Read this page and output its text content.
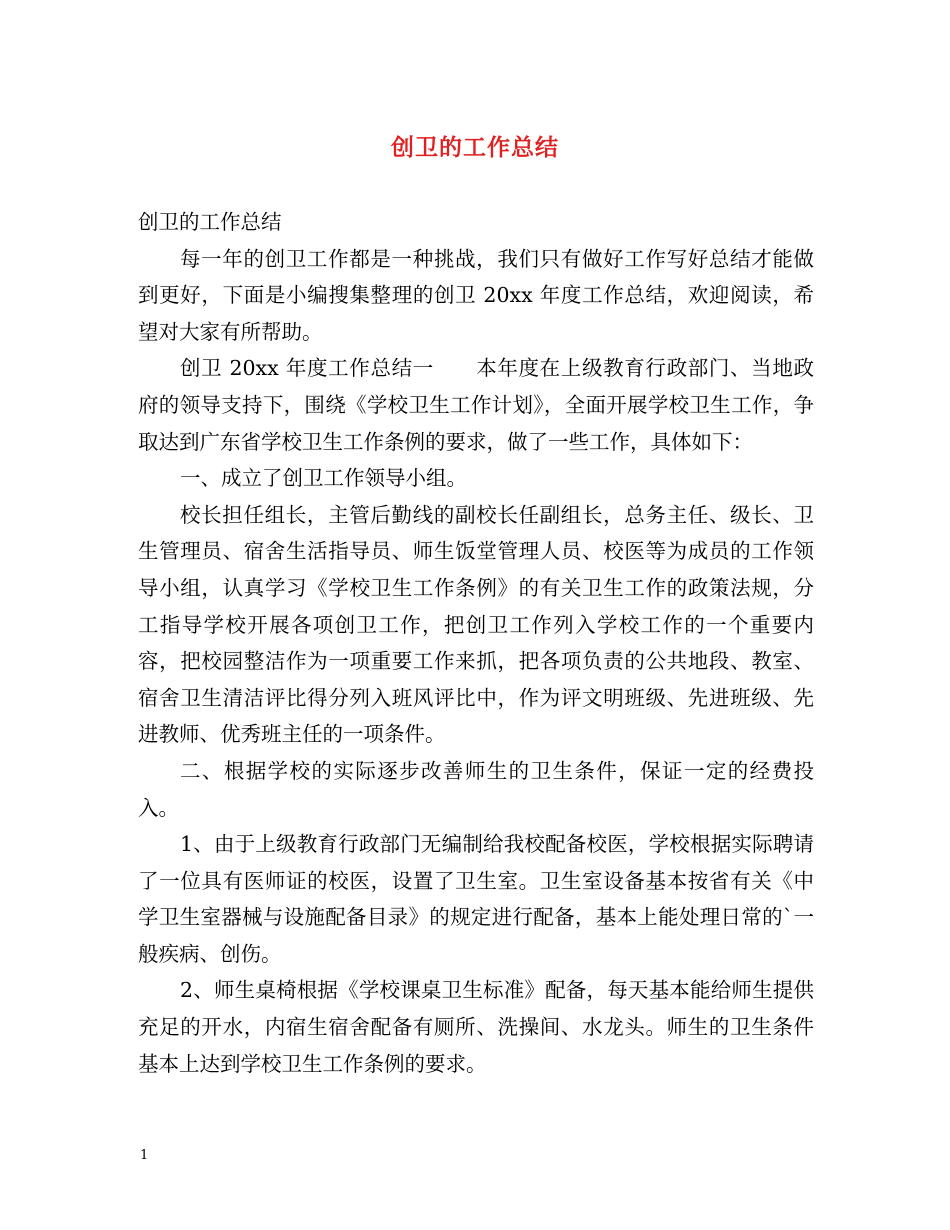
创卫的工作总结

创卫的工作总结

每一年的创卫工作都是一种挑战，我们只有做好工作写好总结才能做到更好，下面是小编搜集整理的创卫 20xx 年度工作总结，欢迎阅读，希望对大家有所帮助。

创卫 20xx 年度工作总结一　　本年度在上级教育行政部门、当地政府的领导支持下，围绕《学校卫生工作计划》，全面开展学校卫生工作，争取达到广东省学校卫生工作条例的要求，做了一些工作，具体如下：

一、成立了创卫工作领导小组。

校长担任组长，主管后勤线的副校长任副组长，总务主任、级长、卫生管理员、宿舍生活指导员、师生饭堂管理人员、校医等为成员的工作领导小组，认真学习《学校卫生工作条例》的有关卫生工作的政策法规，分工指导学校开展各项创卫工作，把创卫工作列入学校工作的一个重要内容，把校园整洁作为一项重要工作来抓，把各项负责的公共地段、教室、宿舍卫生清洁评比得分列入班风评比中，作为评文明班级、先进班级、先进教师、优秀班主任的一项条件。

二、根据学校的实际逐步改善师生的卫生条件，保证一定的经费投入。

1、由于上级教育行政部门无编制给我校配备校医，学校根据实际聘请了一位具有医师证的校医，设置了卫生室。卫生室设备基本按省有关《中学卫生室器械与设施配备目录》的规定进行配备，基本上能处理日常的`一般疾病、创伤。

2、师生桌椅根据《学校课桌卫生标准》配备，每天基本能给师生提供充足的开水，内宿生宿舍配备有厕所、洗操间、水龙头。师生的卫生条件基本上达到学校卫生工作条例的要求。

1
